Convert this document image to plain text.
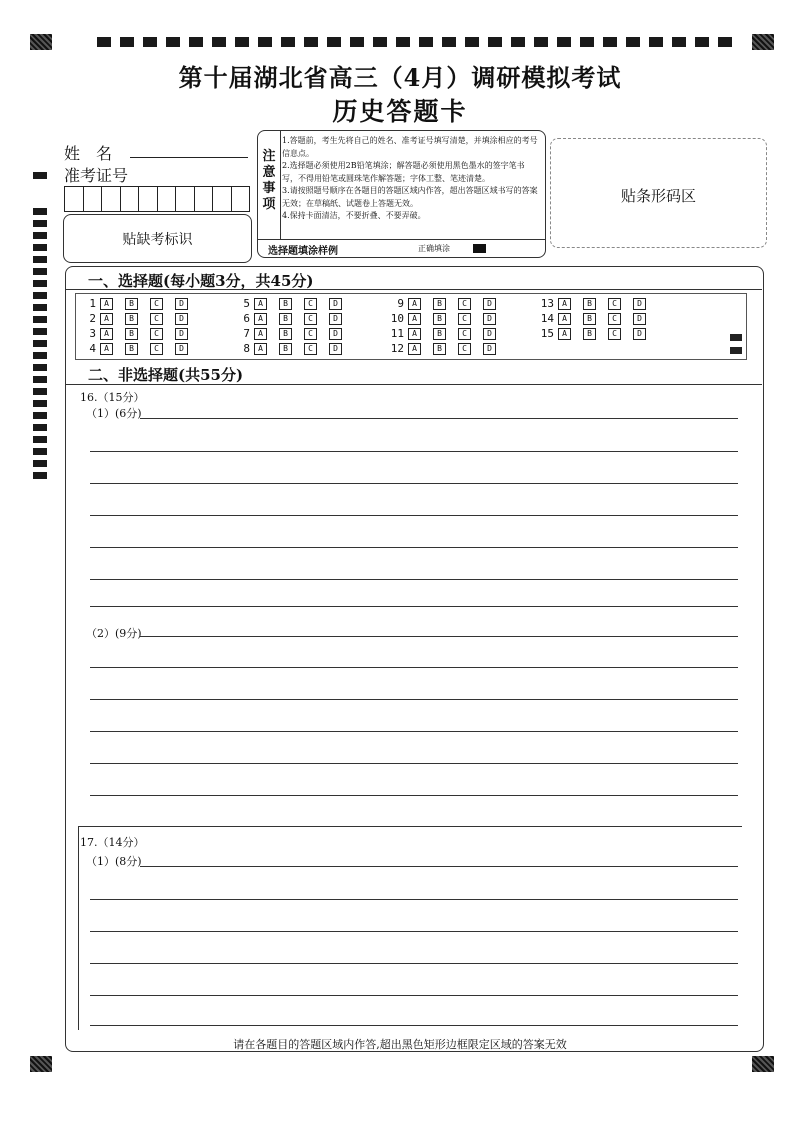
第十届湖北省高三（4月）调研模拟考试
历史答题卡
姓　名
准考证号
贴缺考标识
注意事项
1.答题前，考生先将自己的姓名、准考证号填写清楚，并填涂相应的考号信息点。
2.选择题必须使用2B铅笔填涂；解答题必须使用黑色墨水的签字笔书写，不得用铅笔或圆珠笔作解答题；字体工整、笔迹清楚。
3.请按照题号顺序在各题目的答题区域内作答，超出答题区域书写的答案无效；在草稿纸、试题卷上答题无效。
4.保持卡面清洁，不要折叠、不要弄破。
选择题填涂样例	正确填涂
贴条形码区
一、选择题(每小题3分，共45分)
1	A	B	C	D
2	A	B	C	D
3	A	B	C	D
4	A	B	C	D
5	A	B	C	D
6	A	B	C	D
7	A	B	C	D
8	A	B	C	D
9	A	B	C	D
10	A	B	C	D
11	A	B	C	D
12	A	B	C	D
13	A	B	C	D
14	A	B	C	D
15	A	B	C	D
二、非选择题(共55分)
16.（15分）
（1）(6分)
（2）(9分)
17.（14分）
（1）(8分)
请在各题目的答题区域内作答,超出黑色矩形边框限定区域的答案无效
